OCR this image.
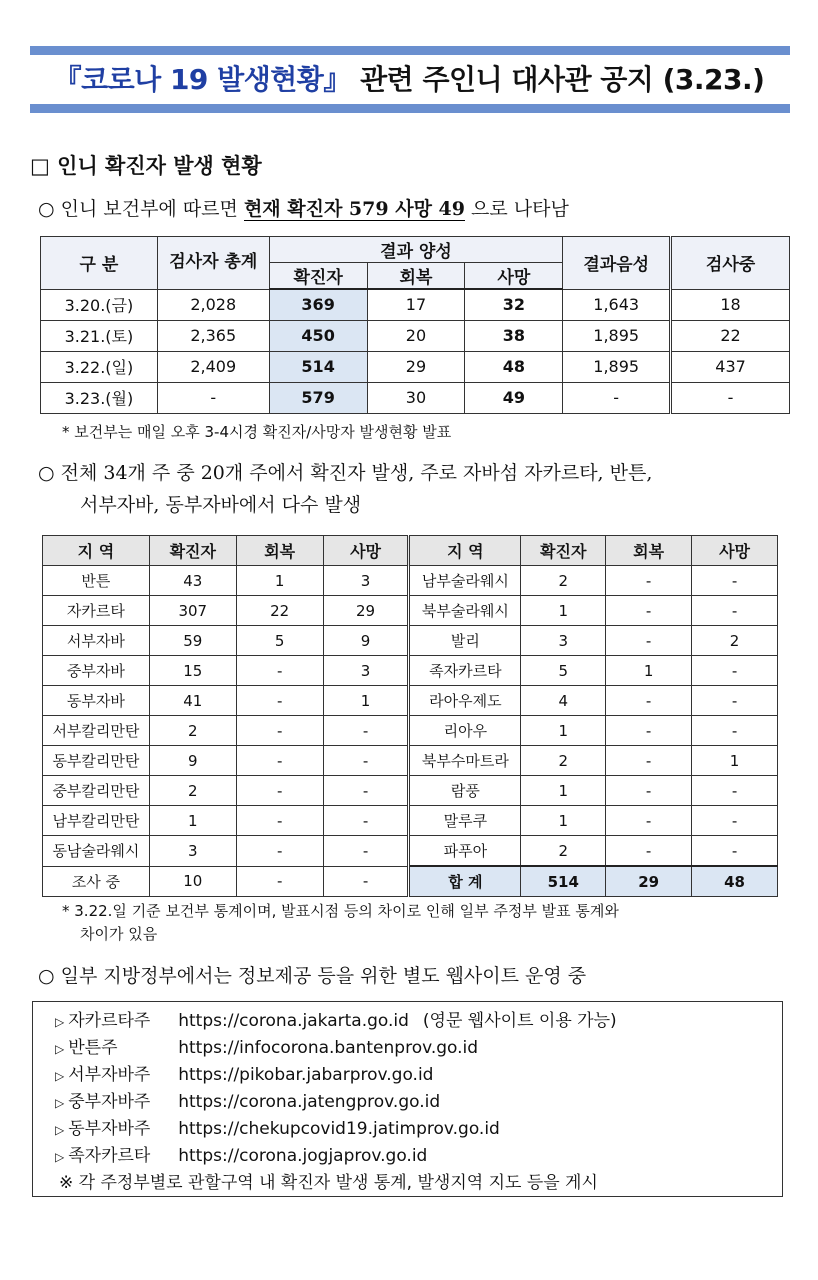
『코로나 19 발생현황』 관련 주인니 대사관 공지 (3.23.)
□ 인니 확진자 발생 현황
○ 인니 보건부에 따르면 현재 확진자 579 사망 49 으로 나타남
구 분	검사자 총계	결과 양성			결과음성	검사중
		확진자	회복	사망		
3.20.(금)	2,028	369	17	32	1,643	18
3.21.(토)	2,365	450	20	38	1,895	22
3.22.(일)	2,409	514	29	48	1,895	437
3.23.(월)	-	579	30	49	-	-
* 보건부는 매일 오후 3-4시경 확진자/사망자 발생현황 발표
○ 전체 34개 주 중 20개 주에서 확진자 발생, 주로 자바섬 자카르타, 반튼,
서부자바, 동부자바에서 다수 발생
지 역	확진자	회복	사망	지 역	확진자	회복	사망
반튼	43	1	3	남부술라웨시	2	-	-
자카르타	307	22	29	북부술라웨시	1	-	-
서부자바	59	5	9	발리	3	-	2
중부자바	15	-	3	족자카르타	5	1	-
동부자바	41	-	1	라아우제도	4	-	-
서부칼리만탄	2	-	-	리아우	1	-	-
동부칼리만탄	9	-	-	북부수마트라	2	-	1
중부칼리만탄	2	-	-	람풍	1	-	-
남부칼리만탄	1	-	-	말루쿠	1	-	-
동남술라웨시	3	-	-	파푸아	2	-	-
조사 중	10	-	-	합 계	514	29	48
* 3.22.일 기준 보건부 통계이며, 발표시점 등의 차이로 인해 일부 주정부 발표 통계와
차이가 있음
○ 일부 지방정부에서는 정보제공 등을 위한 별도 웹사이트 운영 중
▷ 자카르타주 https://corona.jakarta.go.id (영문 웹사이트 이용 가능)
▷ 반튼주	https://infocorona.bantenprov.go.id
▷ 서부자바주 https://pikobar.jabarprov.go.id
▷ 중부자바주 https://corona.jatengprov.go.id
▷ 동부자바주 https://chekupcovid19.jatimprov.go.id
▷ 족자카르타 https://corona.jogjaprov.go.id
※ 각 주정부별로 관할구역 내 확진자 발생 통계, 발생지역 지도 등을 게시
